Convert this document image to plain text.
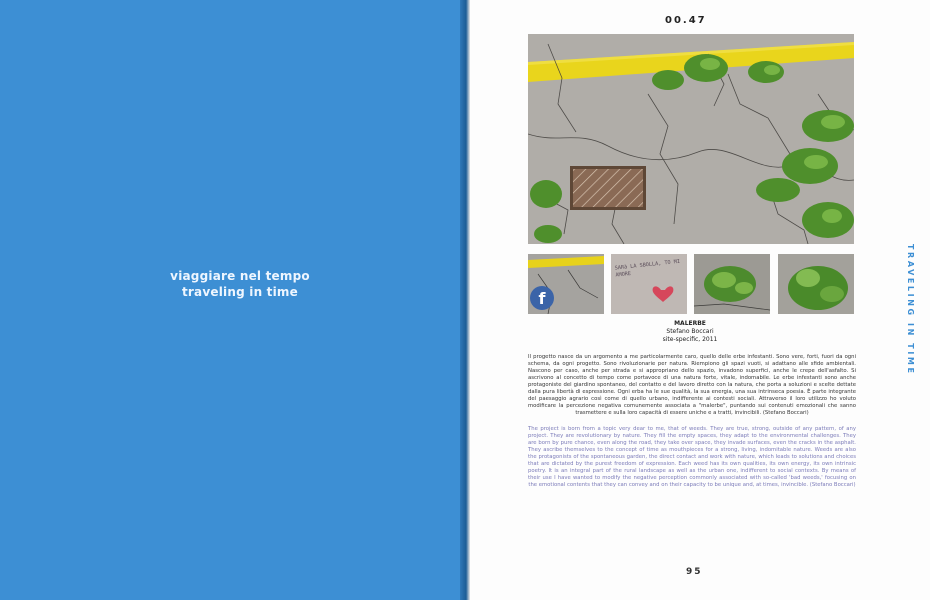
viaggiare nel tempo
traveling in time
00.47
f
SARà LA SBOLLA, TO MI AMORE
MALERBE
Stefano Boccari
site-specific, 2011
Il progetto nasce da un argomento a me particolarmente caro, quello delle erbe infestanti. Sono vere, forti, fuori da ogni schema, da ogni progetto. Sono rivoluzionarie per natura. Riempiono gli spazi vuoti, si adattano alle sfide ambientali. Nascono per caso, anche per strada e si appropriano dello spazio, invadono superfici, anche le crepe dell'asfalto. Si ascrivono al concetto di tempo come portavoce di una natura forte, vitale, indomabile. Le erbe infestanti sono anche protagoniste del giardino spontaneo, del contatto e del lavoro diretto con la natura, che porta a soluzioni e scelte dettate dalla pura libertà di espressione. Ogni erba ha le sue qualità, la sua energia, una sua intrinseca poesia. È parte integrante del paesaggio agrario così come di quello urbano, indifferente ai contesti sociali. Attraverso il loro utilizzo ho voluto modificare la percezione negativa comunemente associata a "malerbe", puntando sui contenuti emozionali che sanno trasmettere e sulla loro capacità di essere uniche e a tratti, invincibili. (Stefano Boccari)
The project is born from a topic very dear to me, that of weeds. They are true, strong, outside of any pattern, of any project. They are revolutionary by nature. They fill the empty spaces, they adapt to the environmental challenges. They are born by pure chance, even along the road, they take over space, they invade surfaces, even the cracks in the asphalt. They ascribe themselves to the concept of time as mouthpieces for a strong, living, indomitable nature. Weeds are also the protagonists of the spontaneous garden, the direct contact and work with nature, which leads to solutions and choices that are dictated by the purest freedom of expression. Each weed has its own qualities, its own energy, its own intrinsic poetry. It is an integral part of the rural landscape as well as the urban one, indifferent to social contexts. By means of their use I have wanted to modify the negative perception commonly associated with so-called 'bad weeds,' focusing on the emotional contents that they can convey and on their capacity to be unique and, at times, invincible. (Stefano Boccari)
95
TRAVELING IN TIME
